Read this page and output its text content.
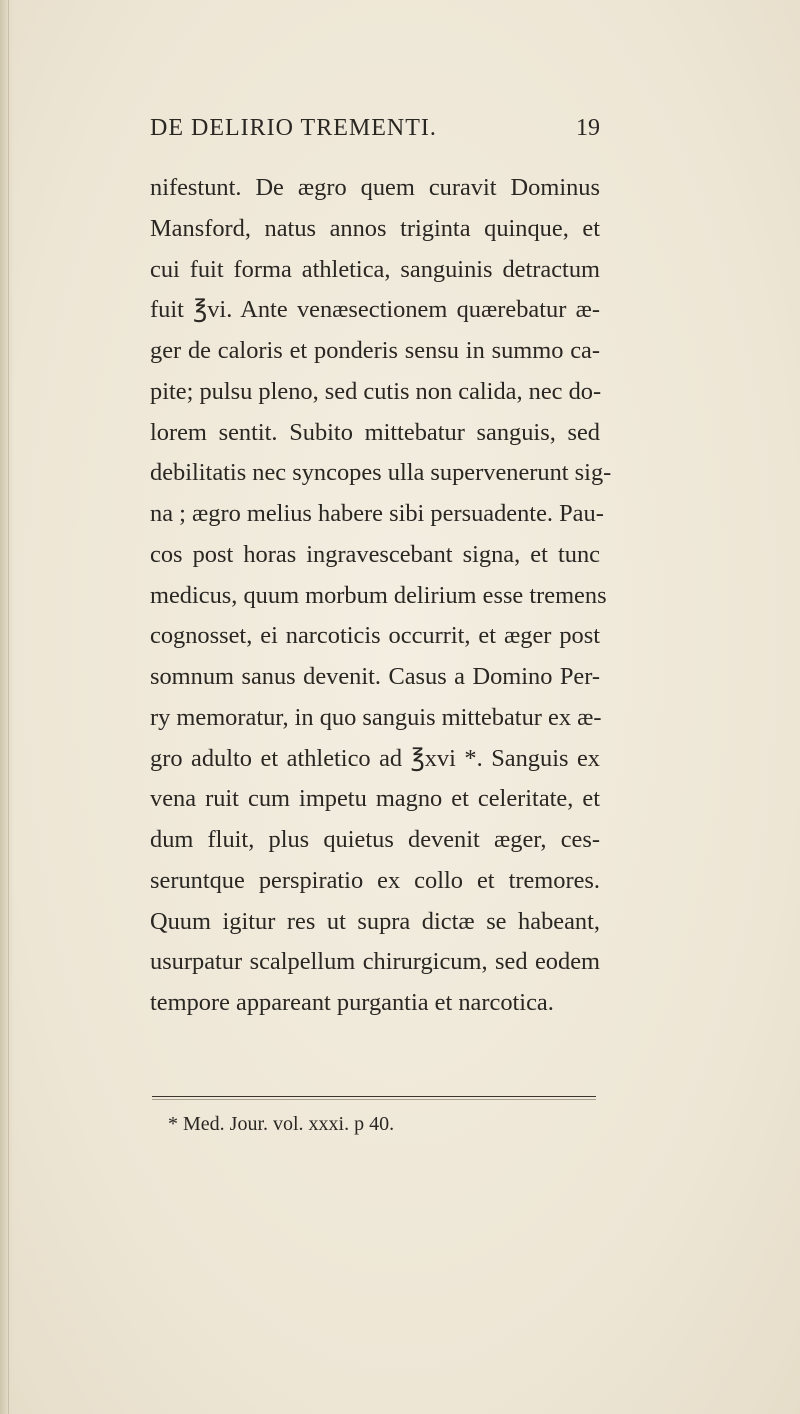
DE DELIRIO TREMENTI.	19
nifestunt. De ægro quem curavit Dominus
Mansford, natus annos triginta quinque, et
cui fuit forma athletica, sanguinis detractum
fuit ℥vi. Ante venæsectionem quærebatur æ-
ger de caloris et ponderis sensu in summo ca-
pite; pulsu pleno, sed cutis non calida, nec do-
lorem sentit. Subito mittebatur sanguis, sed
debilitatis nec syncopes ulla supervenerunt sig-
na ; ægro melius habere sibi persuadente. Pau-
cos post horas ingravescebant signa, et tunc
medicus, quum morbum delirium esse tremens
cognosset, ei narcoticis occurrit, et æger post
somnum sanus devenit. Casus a Domino Per-
ry memoratur, in quo sanguis mittebatur ex æ-
gro adulto et athletico ad ℥xvi *. Sanguis ex
vena ruit cum impetu magno et celeritate, et
dum fluit, plus quietus devenit æger, ces-
seruntque perspiratio ex collo et tremores.
Quum igitur res ut supra dictæ se habeant,
usurpatur scalpellum chirurgicum, sed eodem
tempore appareant purgantia et narcotica.
* Med. Jour. vol. xxxi. p 40.
